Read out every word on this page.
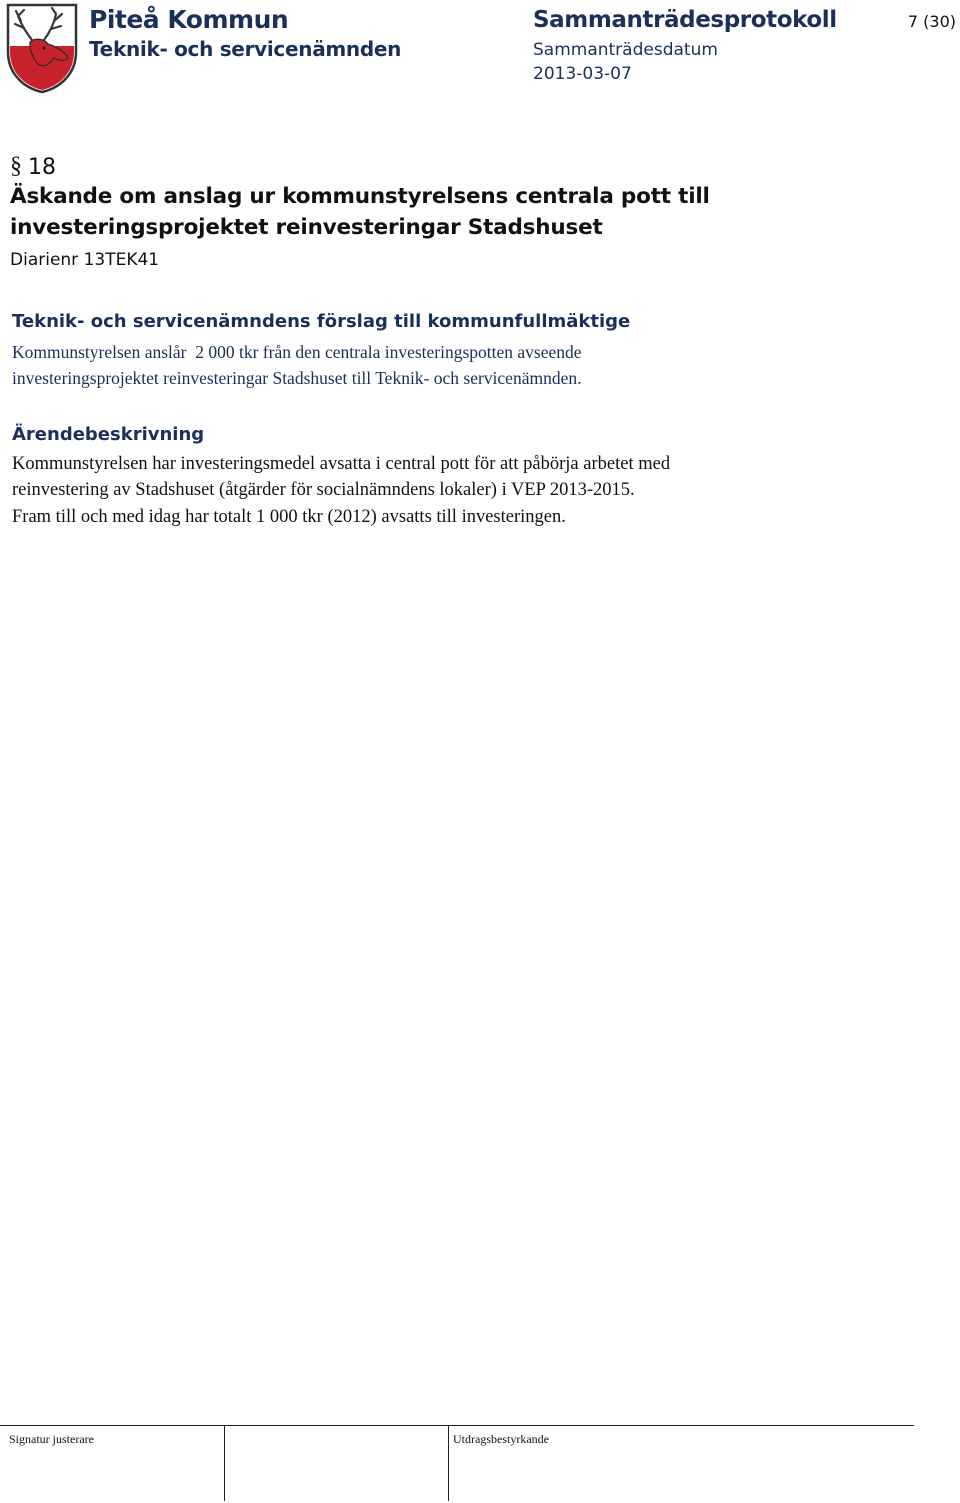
Piteå Kommun
Teknik- och servicenämnden
Sammanträdesprotokoll
Sammanträdesdatum
2013-03-07
7 (30)
§ 18
Äskande om anslag ur kommunstyrelsens centrala pott till
investeringsprojektet reinvesteringar Stadshuset
Diarienr 13TEK41
Teknik- och servicenämndens förslag till kommunfullmäktige
Kommunstyrelsen anslår  2 000 tkr från den centrala investeringspotten avseende
investeringsprojektet reinvesteringar Stadshuset till Teknik- och servicenämnden.
Ärendebeskrivning
Kommunstyrelsen har investeringsmedel avsatta i central pott för att påbörja arbetet med
reinvestering av Stadshuset (åtgärder för socialnämndens lokaler) i VEP 2013-2015.
Fram till och med idag har totalt 1 000 tkr (2012) avsatts till investeringen.
Signatur justerare	Utdragsbestyrkande
